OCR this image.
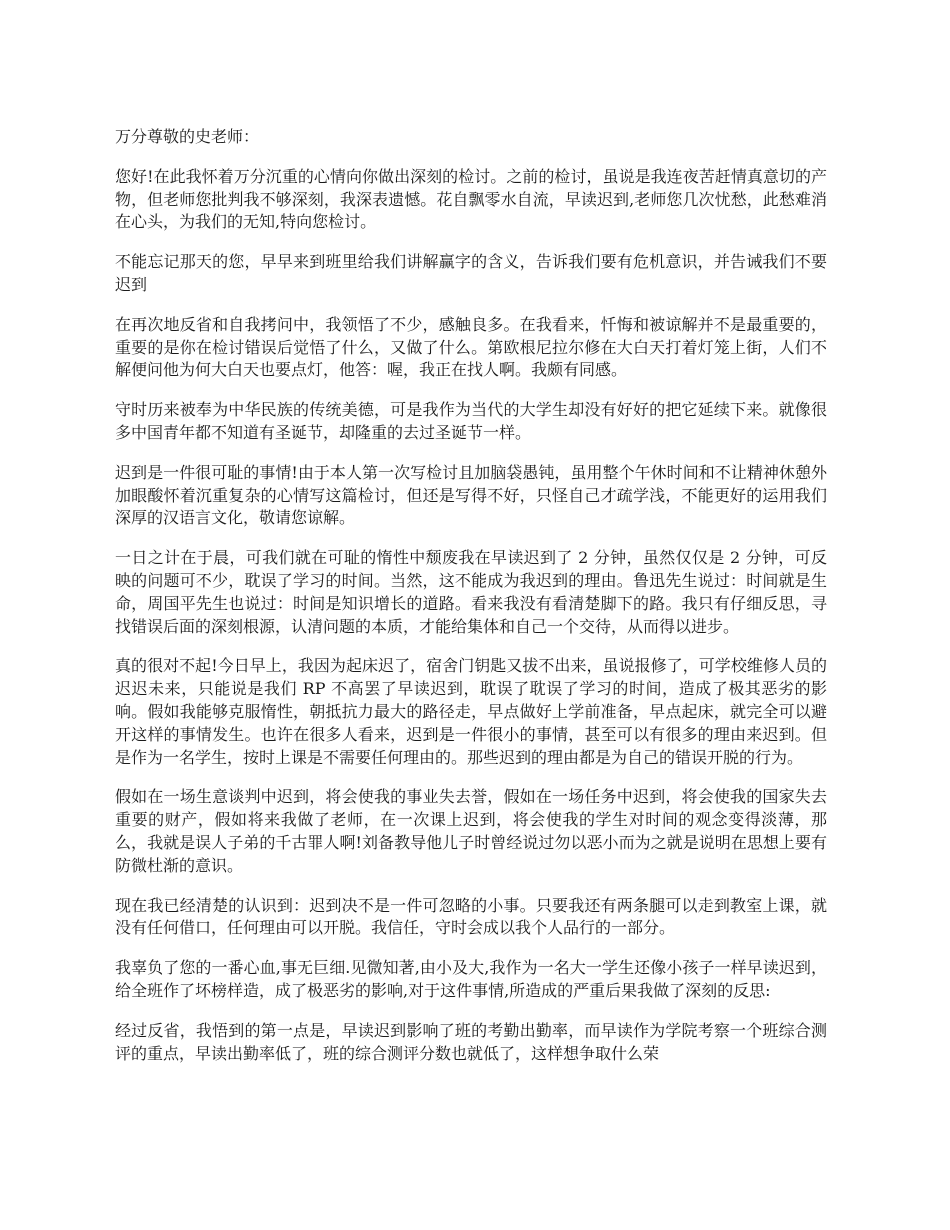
万分尊敬的史老师：

您好!在此我怀着万分沉重的心情向你做出深刻的检讨。之前的检讨，虽说是我连夜苦赶情真意切的产物，但老师您批判我不够深刻，我深表遗憾。花自飘零水自流，早读迟到,老师您几次忧愁，此愁难消在心头，为我们的无知,特向您检讨。

不能忘记那天的您，早早来到班里给我们讲解赢字的含义，告诉我们要有危机意识，并告诫我们不要迟到

在再次地反省和自我拷问中，我领悟了不少，感触良多。在我看来，忏悔和被谅解并不是最重要的，重要的是你在检讨错误后觉悟了什么，又做了什么。第欧根尼拉尔修在大白天打着灯笼上街，人们不解便问他为何大白天也要点灯，他答：喔，我正在找人啊。我颇有同感。

守时历来被奉为中华民族的传统美德，可是我作为当代的大学生却没有好好的把它延续下来。就像很多中国青年都不知道有圣诞节，却隆重的去过圣诞节一样。

迟到是一件很可耻的事情!由于本人第一次写检讨且加脑袋愚钝，虽用整个午休时间和不让精神休憩外加眼酸怀着沉重复杂的心情写这篇检讨，但还是写得不好，只怪自己才疏学浅，不能更好的运用我们深厚的汉语言文化，敬请您谅解。

一日之计在于晨，可我们就在可耻的惰性中颓废我在早读迟到了 2 分钟，虽然仅仅是 2 分钟，可反映的问题可不少，耽误了学习的时间。当然，这不能成为我迟到的理由。鲁迅先生说过：时间就是生命，周国平先生也说过：时间是知识增长的道路。看来我没有看清楚脚下的路。我只有仔细反思，寻找错误后面的深刻根源，认清问题的本质，才能给集体和自己一个交待，从而得以进步。

真的很对不起!今日早上，我因为起床迟了，宿舍门钥匙又拔不出来，虽说报修了，可学校维修人员的迟迟未来，只能说是我们 RP 不高罢了早读迟到，耽误了耽误了学习的时间，造成了极其恶劣的影响。假如我能够克服惰性，朝抵抗力最大的路径走，早点做好上学前准备，早点起床，就完全可以避开这样的事情发生。也许在很多人看来，迟到是一件很小的事情，甚至可以有很多的理由来迟到。但是作为一名学生，按时上课是不需要任何理由的。那些迟到的理由都是为自己的错误开脱的行为。

假如在一场生意谈判中迟到，将会使我的事业失去誉，假如在一场任务中迟到，将会使我的国家失去重要的财产，假如将来我做了老师，在一次课上迟到，将会使我的学生对时间的观念变得淡薄，那么，我就是误人子弟的千古罪人啊!刘备教导他儿子时曾经说过勿以恶小而为之就是说明在思想上要有防微杜渐的意识。

现在我已经清楚的认识到：迟到决不是一件可忽略的小事。只要我还有两条腿可以走到教室上课，就没有任何借口，任何理由可以开脱。我信任，守时会成以我个人品行的一部分。

我辜负了您的一番心血,事无巨细.见微知著,由小及大,我作为一名大一学生还像小孩子一样早读迟到，给全班作了坏榜样造，成了极恶劣的影响,对于这件事情,所造成的严重后果我做了深刻的反思:

经过反省，我悟到的第一点是，早读迟到影响了班的考勤出勤率，而早读作为学院考察一个班综合测评的重点，早读出勤率低了，班的综合测评分数也就低了，这样想争取什么荣
